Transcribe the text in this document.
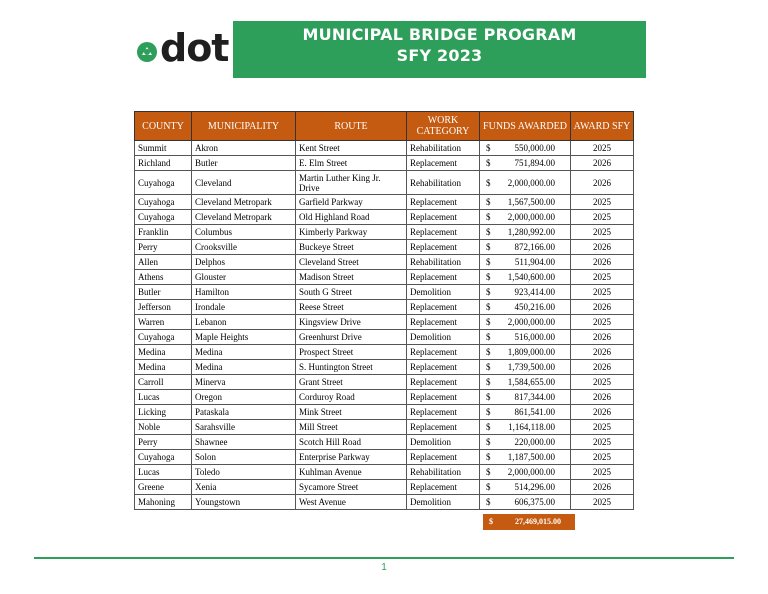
dot	MUNICIPAL BRIDGE PROGRAM
SFY 2023
COUNTY	MUNICIPALITY	ROUTE	WORK CATEGORY	FUNDS AWARDED	AWARD SFY
Summit	Akron	Kent Street	Rehabilitation	$ 550,000.00	2025
Richland	Butler	E. Elm Street	Replacement	$ 751,894.00	2026
Cuyahoga	Cleveland	Martin Luther King Jr. Drive	Rehabilitation	$ 2,000,000.00	2026
Cuyahoga	Cleveland Metropark	Garfield Parkway	Replacement	$ 1,567,500.00	2025
Cuyahoga	Cleveland Metropark	Old Highland Road	Replacement	$ 2,000,000.00	2025
Franklin	Columbus	Kimberly Parkway	Replacement	$ 1,280,992.00	2025
Perry	Crooksville	Buckeye Street	Replacement	$ 872,166.00	2026
Allen	Delphos	Cleveland Street	Rehabilitation	$ 511,904.00	2026
Athens	Glouster	Madison Street	Replacement	$ 1,540,600.00	2025
Butler	Hamilton	South G Street	Demolition	$ 923,414.00	2025
Jefferson	Irondale	Reese Street	Replacement	$ 450,216.00	2026
Warren	Lebanon	Kingsview Drive	Replacement	$ 2,000,000.00	2025
Cuyahoga	Maple Heights	Greenhurst Drive	Demolition	$ 516,000.00	2026
Medina	Medina	Prospect Street	Replacement	$ 1,809,000.00	2026
Medina	Medina	S. Huntington Street	Replacement	$ 1,739,500.00	2026
Carroll	Minerva	Grant Street	Replacement	$ 1,584,655.00	2025
Lucas	Oregon	Corduroy Road	Replacement	$ 817,344.00	2026
Licking	Pataskala	Mink Street	Replacement	$ 861,541.00	2026
Noble	Sarahsville	Mill Street	Replacement	$ 1,164,118.00	2025
Perry	Shawnee	Scotch Hill Road	Demolition	$ 220,000.00	2025
Cuyahoga	Solon	Enterprise Parkway	Replacement	$ 1,187,500.00	2025
Lucas	Toledo	Kuhlman Avenue	Rehabilitation	$ 2,000,000.00	2025
Greene	Xenia	Sycamore Street	Replacement	$ 514,296.00	2026
Mahoning	Youngstown	West Avenue	Demolition	$ 606,375.00	2025
$	27,469,015.00
1
